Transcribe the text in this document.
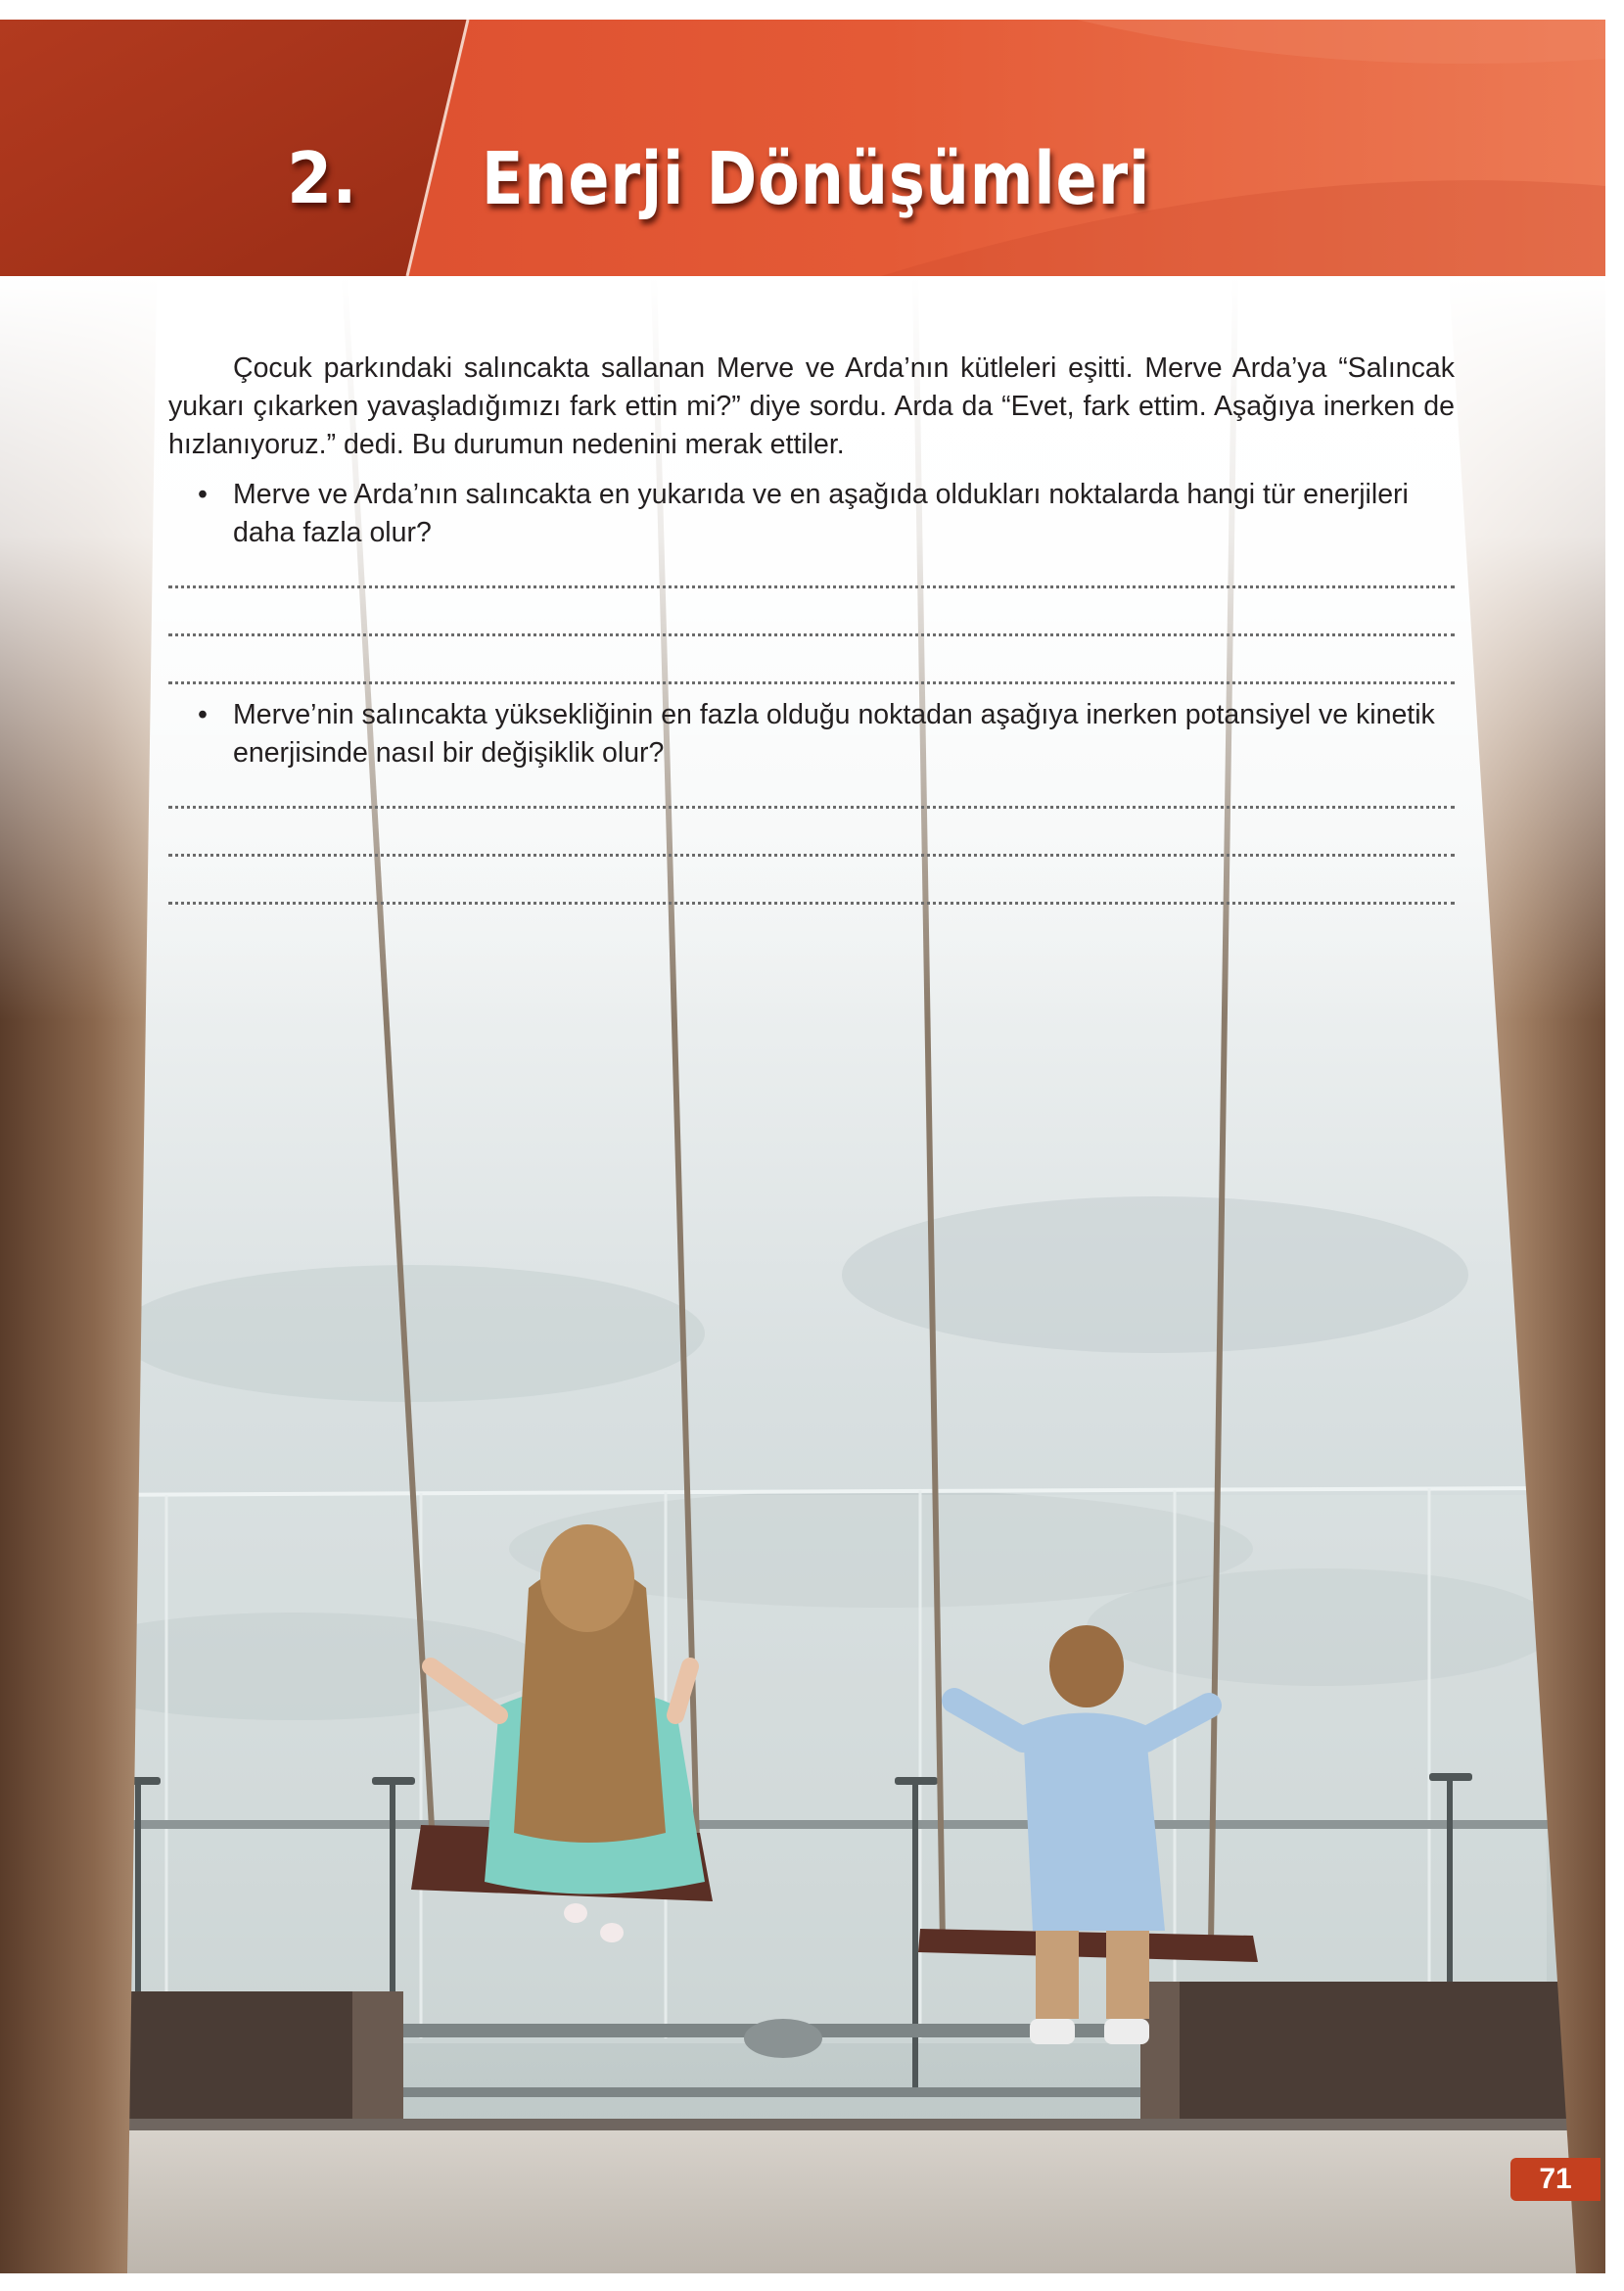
2. Enerji Dönüşümleri

Çocuk parkındaki salıncakta sallanan Merve ve Arda’nın kütleleri eşitti. Merve Arda’ya “Salıncak yukarı çıkarken yavaşladığımızı fark ettin mi?” diye sordu. Arda da “Evet, fark ettim. Aşağıya inerken de hızlanıyoruz.” dedi. Bu durumun nedenini merak ettiler.

• Merve ve Arda’nın salıncakta en yukarıda ve en aşağıda oldukları noktalarda hangi tür enerjileri daha fazla olur?
• Merve’nin salıncakta yüksekliğinin en fazla olduğu noktadan aşağıya inerken potansiyel ve kinetik enerjisinde nasıl bir değişiklik olur?
71
